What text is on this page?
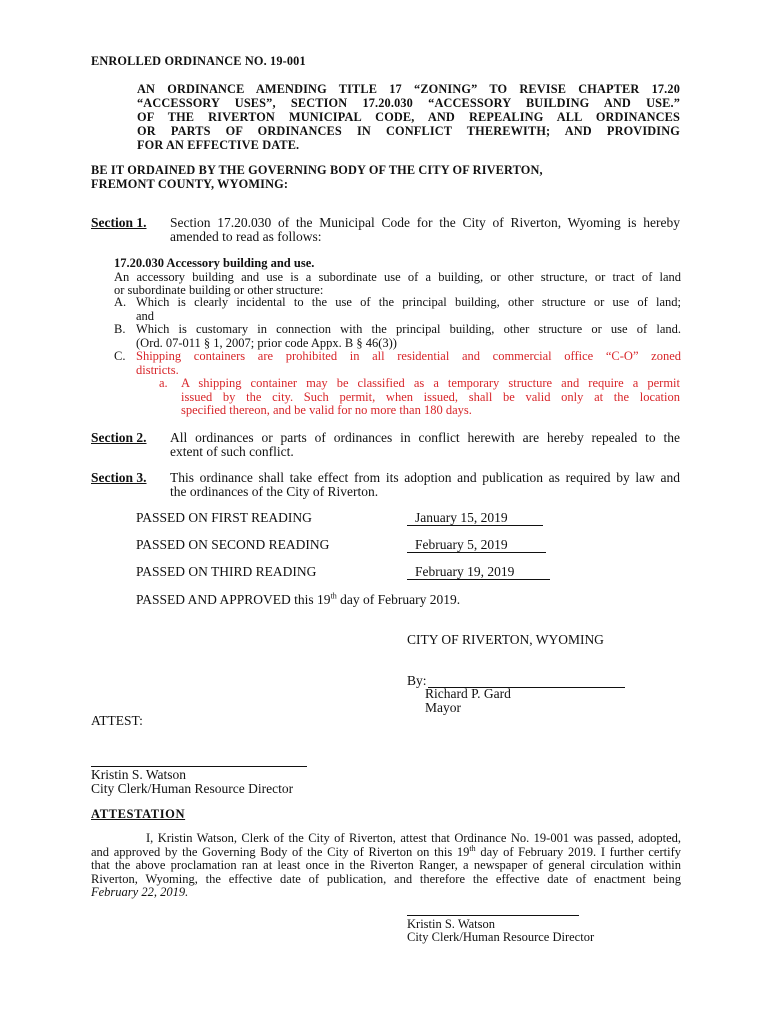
ENROLLED ORDINANCE NO. 19-001
AN ORDINANCE AMENDING TITLE 17 “ZONING” TO REVISE CHAPTER 17.20
“ACCESSORY USES”, SECTION 17.20.030 “ACCESSORY BUILDING AND USE.”
OF THE RIVERTON MUNICIPAL CODE, AND REPEALING ALL ORDINANCES
OR PARTS OF ORDINANCES IN CONFLICT THEREWITH; AND PROVIDING
FOR AN EFFECTIVE DATE.
BE IT ORDAINED BY THE GOVERNING BODY OF THE CITY OF RIVERTON,
FREMONT COUNTY, WYOMING:
Section 1. Section 17.20.030 of the Municipal Code for the City of Riverton, Wyoming is hereby
amended to read as follows:
17.20.030 Accessory building and use.
An accessory building and use is a subordinate use of a building, or other structure, or tract of land
or subordinate building or other structure:
A. Which is clearly incidental to the use of the principal building, other structure or use of land;
and
B. Which is customary in connection with the principal building, other structure or use of land.
(Ord. 07-011 § 1, 2007; prior code Appx. B § 46(3))
C. Shipping containers are prohibited in all residential and commercial office “C-O” zoned
districts.
a. A shipping container may be classified as a temporary structure and require a permit
issued by the city. Such permit, when issued, shall be valid only at the location
specified thereon, and be valid for no more than 180 days.
Section 2. All ordinances or parts of ordinances in conflict herewith are hereby repealed to the
extent of such conflict.
Section 3. This ordinance shall take effect from its adoption and publication as required by law and
the ordinances of the City of Riverton.
PASSED ON FIRST READING	January 15, 2019
PASSED ON SECOND READING	February 5, 2019
PASSED ON THIRD READING	February 19, 2019
PASSED AND APPROVED this 19th day of February 2019.
CITY OF RIVERTON, WYOMING
By:
Richard P. Gard
Mayor
ATTEST:
Kristin S. Watson
City Clerk/Human Resource Director
ATTESTATION
I, Kristin Watson, Clerk of the City of Riverton, attest that Ordinance No. 19-001 was passed, adopted,
and approved by the Governing Body of the City of Riverton on this 19th day of February 2019. I further certify
that the above proclamation ran at least once in the Riverton Ranger, a newspaper of general circulation within
Riverton, Wyoming, the effective date of publication, and therefore the effective date of enactment being
February 22, 2019.
Kristin S. Watson
City Clerk/Human Resource Director
